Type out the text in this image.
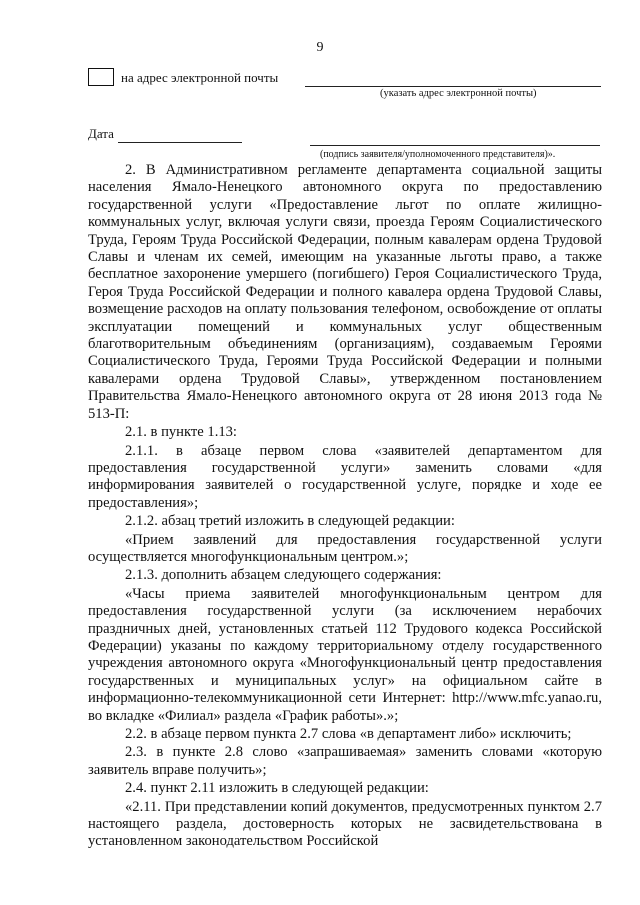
9
на адрес электронной почты
(указать адрес электронной почты)
Дата
(подпись заявителя/уполномоченного представителя)».

2. В Административном регламенте департамента социальной защиты населения Ямало-Ненецкого автономного округа по предоставлению государственной услуги «Предоставление льгот по оплате жилищно-коммунальных услуг, включая услуги связи, проезда Героям Социалистического Труда, Героям Труда Российской Федерации, полным кавалерам ордена Трудовой Славы и членам их семей, имеющим на указанные льготы право, а также бесплатное захоронение умершего (погибшего) Героя Социалистического Труда, Героя Труда Российской Федерации и полного кавалера ордена Трудовой Славы, возмещение расходов на оплату пользования телефоном, освобождение от оплаты эксплуатации помещений и коммунальных услуг общественным благотворительным объединениям (организациям), создаваемым Героями Социалистического Труда, Героями Труда Российской Федерации и полными кавалерами ордена Трудовой Славы», утвержденном постановлением Правительства Ямало-Ненецкого автономного округа от 28 июня 2013 года № 513-П:

2.1. в пункте 1.13:

2.1.1. в абзаце первом слова «заявителей департаментом для предоставления государственной услуги» заменить словами «для информирования заявителей о государственной услуге, порядке и ходе ее предоставления»;

2.1.2. абзац третий изложить в следующей редакции:

«Прием заявлений для предоставления государственной услуги осуществляется многофункциональным центром.»;

2.1.3. дополнить абзацем следующего содержания:

«Часы приема заявителей многофункциональным центром для предоставления государственной услуги (за исключением нерабочих праздничных дней, установленных статьей 112 Трудового кодекса Российской Федерации) указаны по каждому территориальному отделу государственного учреждения автономного округа «Многофункциональный центр предоставления государственных и муниципальных услуг» на официальном сайте в информационно-телекоммуникационной сети Интернет: http://www.mfc.yanao.ru, во вкладке «Филиал» раздела «График работы».»;

2.2. в абзаце первом пункта 2.7 слова «в департамент либо» исключить;

2.3. в пункте 2.8 слово «запрашиваемая» заменить словами «которую заявитель вправе получить»;

2.4. пункт 2.11 изложить в следующей редакции:

«2.11. При представлении копий документов, предусмотренных пунктом 2.7 настоящего раздела, достоверность которых не засвидетельствована в установленном законодательством Российской
